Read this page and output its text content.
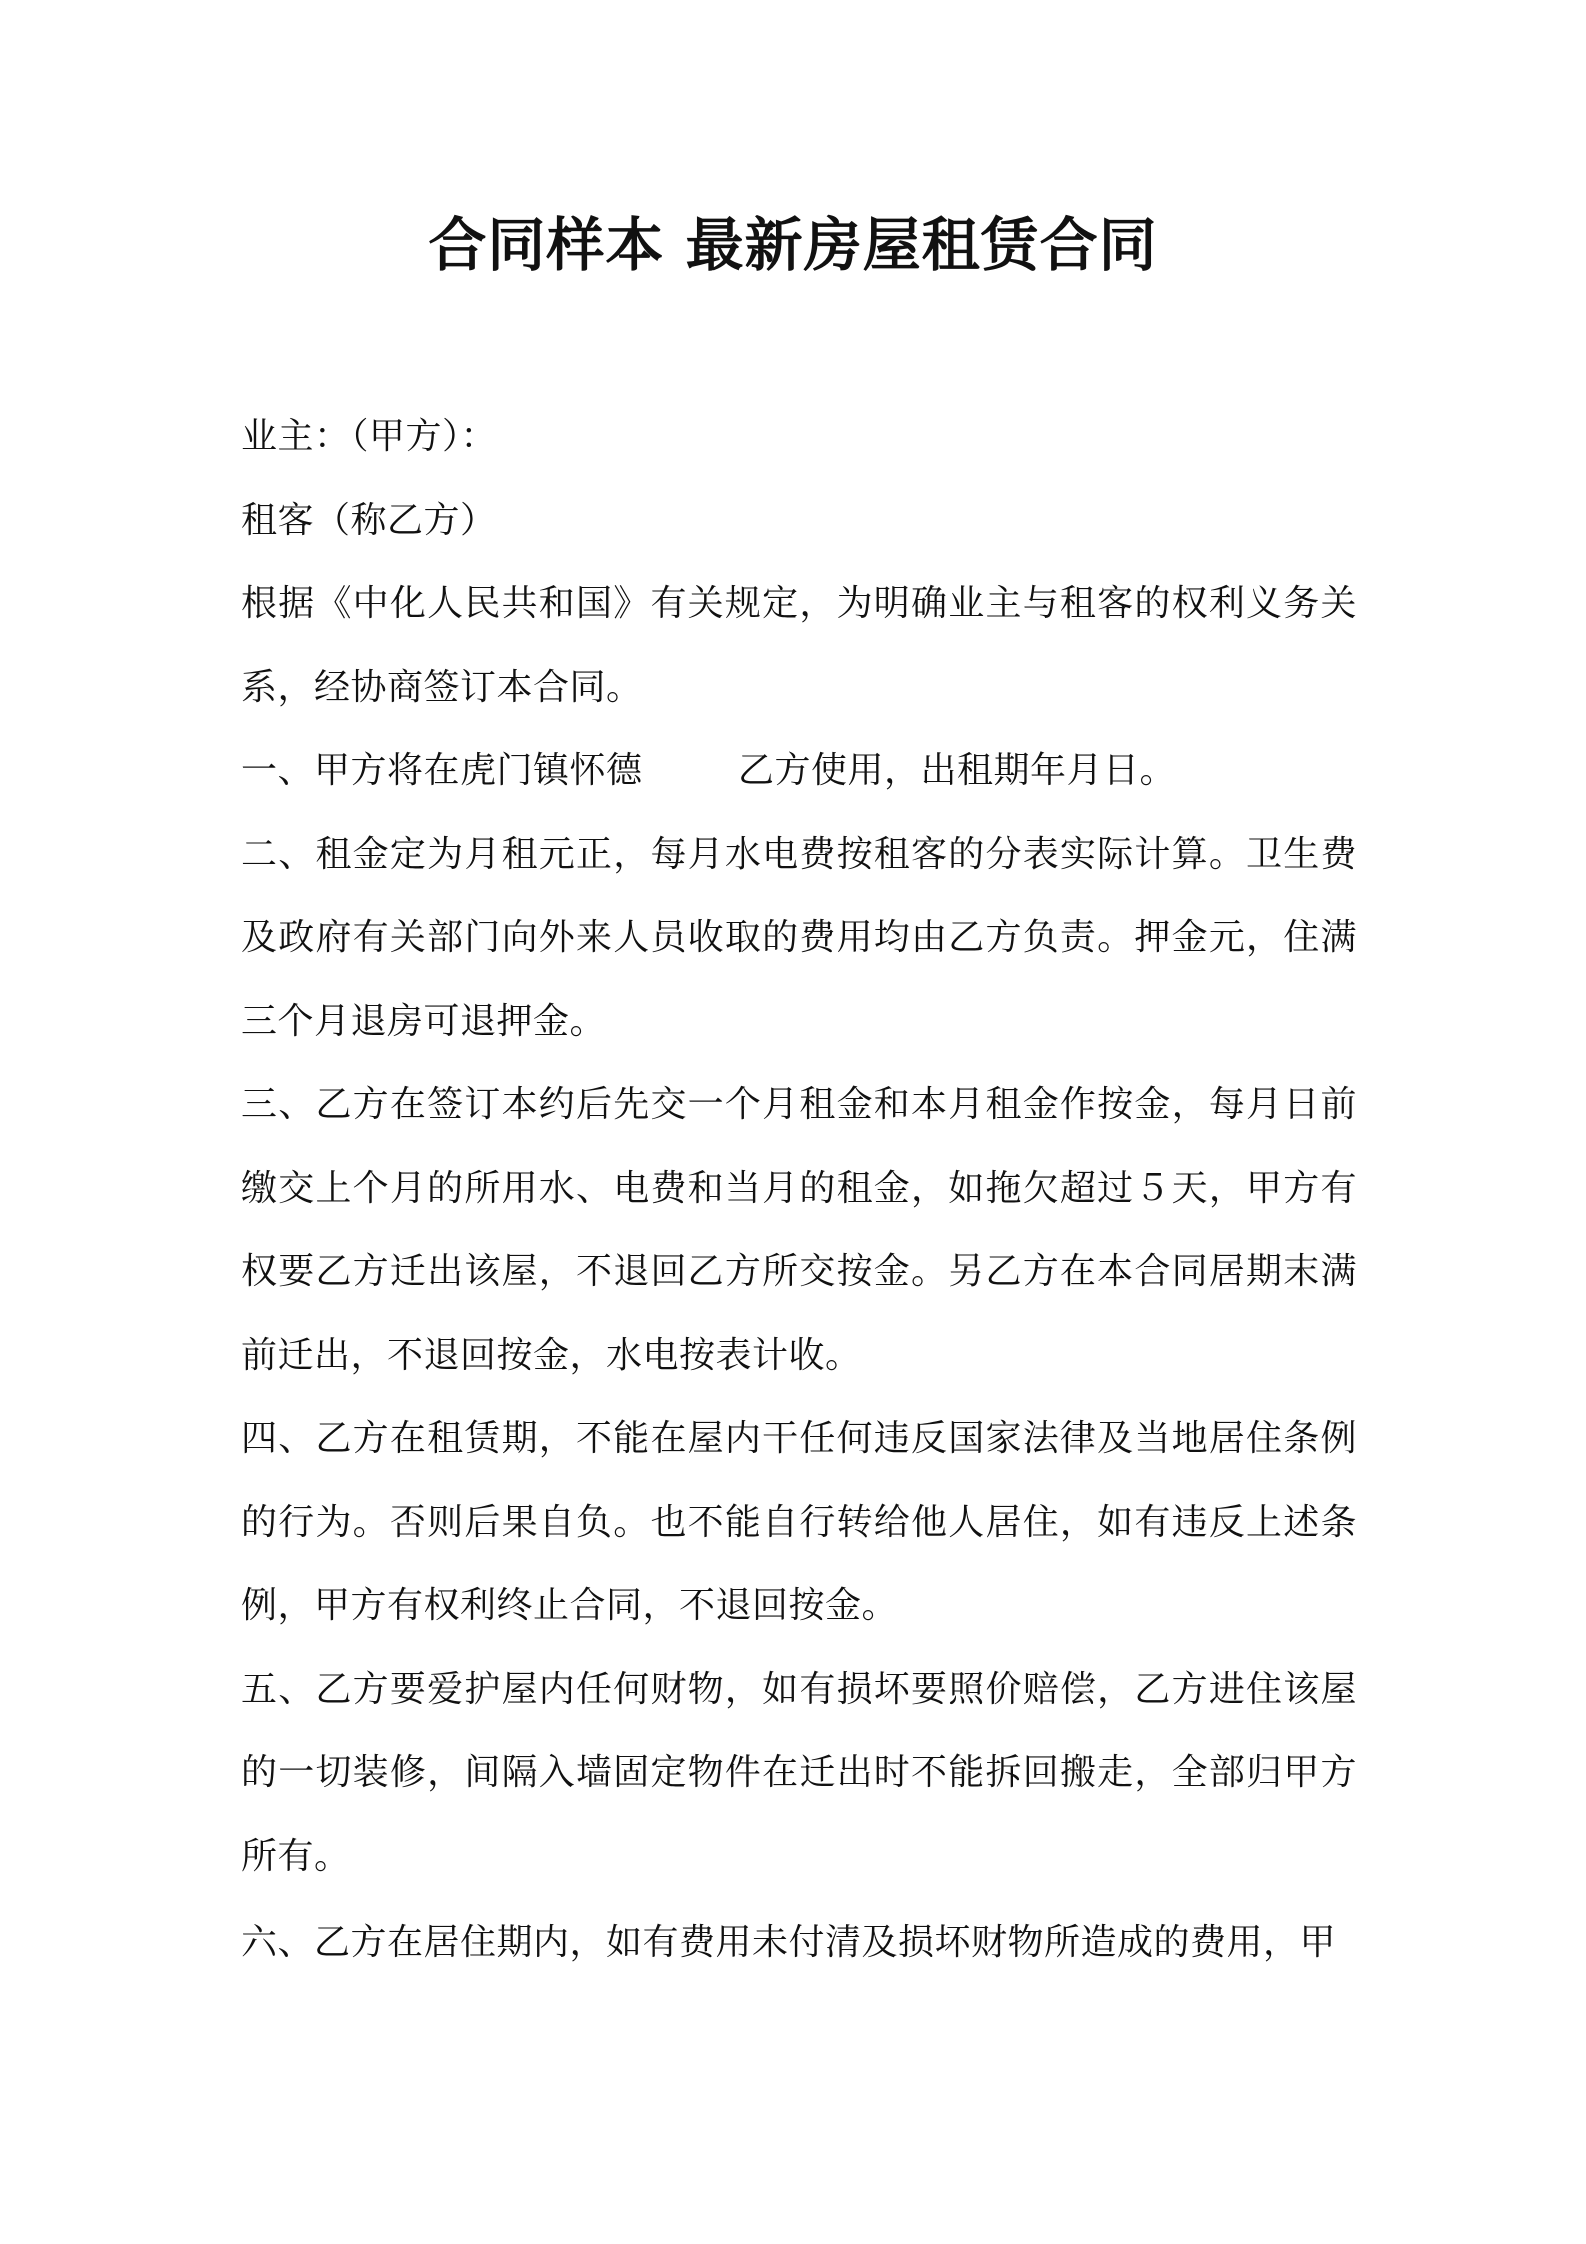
合同样本 最新房屋租赁合同

业主：（甲方）：

租客（称乙方）

根据《中化人民共和国》有关规定，为明确业主与租客的权利义务关系，经协商签订本合同。

一、甲方将在虎门镇怀德        乙方使用，出租期年月日。

二、租金定为月租元正，每月水电费按租客的分表实际计算。卫生费及政府有关部门向外来人员收取的费用均由乙方负责。押金元，住满三个月退房可退押金。

三、乙方在签订本约后先交一个月租金和本月租金作按金，每月日前缴交上个月的所用水、电费和当月的租金，如拖欠超过５天，甲方有权要乙方迁出该屋，不退回乙方所交按金。另乙方在本合同居期末满前迁出，不退回按金，水电按表计收。

四、乙方在租赁期，不能在屋内干任何违反国家法律及当地居住条例的行为。否则后果自负。也不能自行转给他人居住，如有违反上述条例，甲方有权利终止合同，不退回按金。

五、乙方要爱护屋内任何财物，如有损坏要照价赔偿，乙方进住该屋的一切装修，间隔入墙固定物件在迁出时不能拆回搬走，全部归甲方所有。

六、乙方在居住期内，如有费用未付清及损坏财物所造成的费用，甲
